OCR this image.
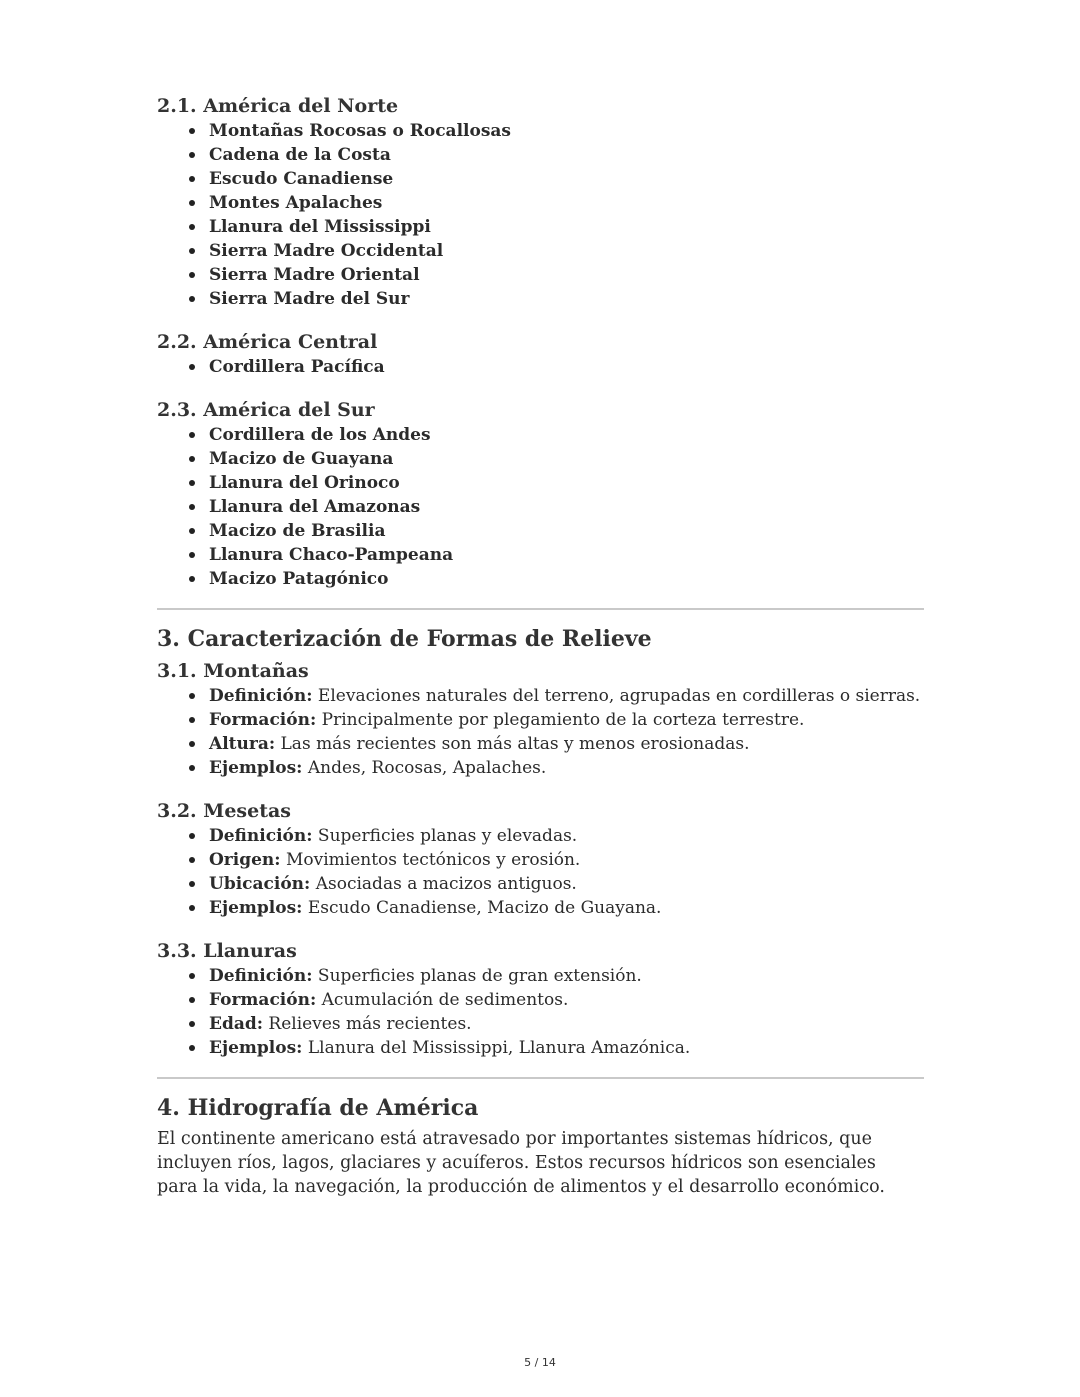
2.1. América del Norte
Montañas Rocosas o Rocallosas
Cadena de la Costa
Escudo Canadiense
Montes Apalaches
Llanura del Mississippi
Sierra Madre Occidental
Sierra Madre Oriental
Sierra Madre del Sur
2.2. América Central
Cordillera Pacífica
2.3. América del Sur
Cordillera de los Andes
Macizo de Guayana
Llanura del Orinoco
Llanura del Amazonas
Macizo de Brasilia
Llanura Chaco-Pampeana
Macizo Patagónico
3. Caracterización de Formas de Relieve
3.1. Montañas
Definición: Elevaciones naturales del terreno, agrupadas en cordilleras o sierras.
Formación: Principalmente por plegamiento de la corteza terrestre.
Altura: Las más recientes son más altas y menos erosionadas.
Ejemplos: Andes, Rocosas, Apalaches.
3.2. Mesetas
Definición: Superficies planas y elevadas.
Origen: Movimientos tectónicos y erosión.
Ubicación: Asociadas a macizos antiguos.
Ejemplos: Escudo Canadiense, Macizo de Guayana.
3.3. Llanuras
Definición: Superficies planas de gran extensión.
Formación: Acumulación de sedimentos.
Edad: Relieves más recientes.
Ejemplos: Llanura del Mississippi, Llanura Amazónica.
4. Hidrografía de América

El continente americano está atravesado por importantes sistemas hídricos, que incluyen ríos, lagos, glaciares y acuíferos. Estos recursos hídricos son esenciales para la vida, la navegación, la producción de alimentos y el desarrollo económico.

5 / 14
